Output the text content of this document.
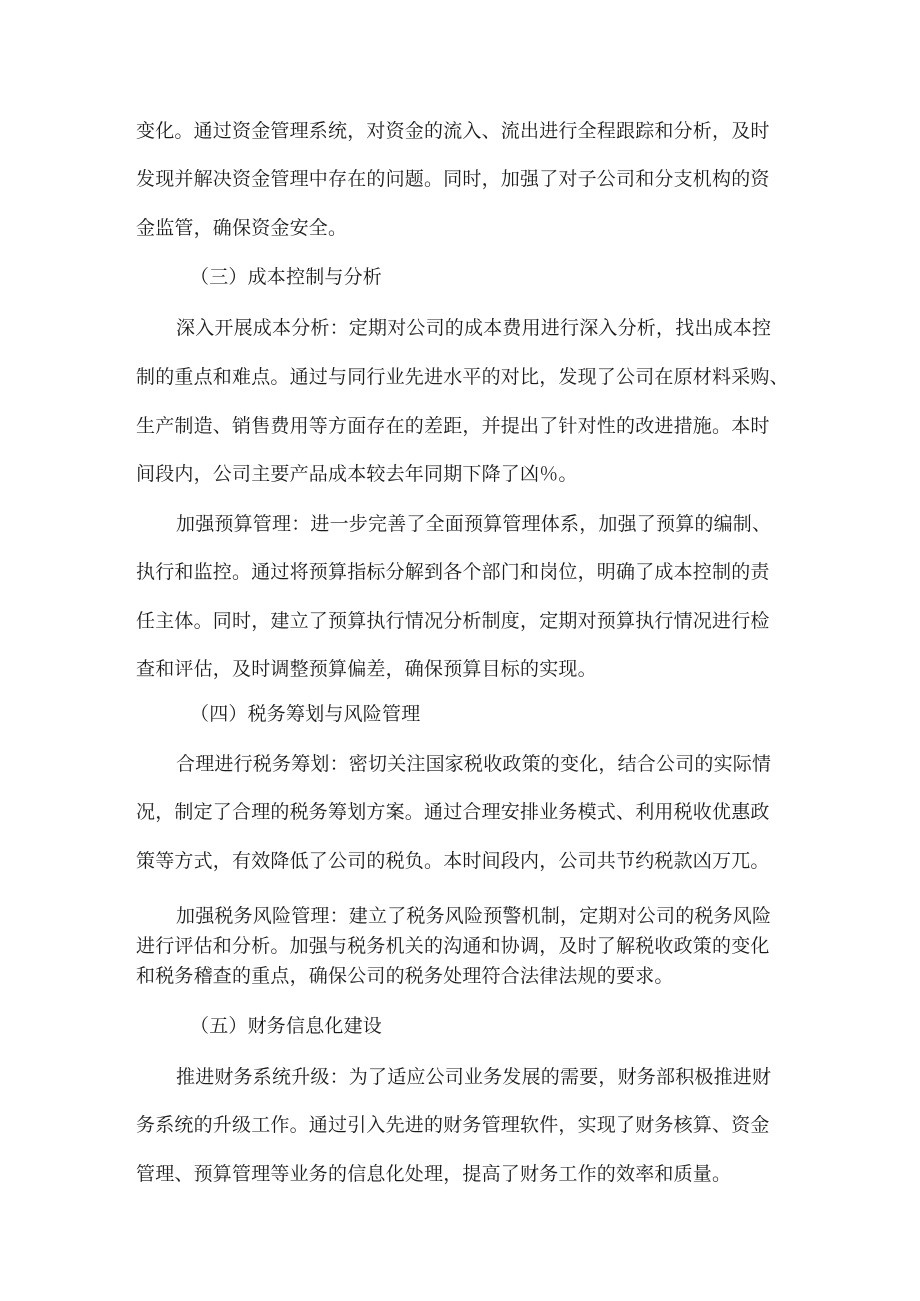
变化。通过资金管理系统，对资金的流入、流出进行全程跟踪和分析，及时
发现并解决资金管理中存在的问题。同时，加强了对子公司和分支机构的资
金监管，确保资金安全。
（三）成本控制与分析
深入开展成本分析：定期对公司的成本费用进行深入分析，找出成本控
制的重点和难点。通过与同行业先进水平的对比，发现了公司在原材料采购、
生产制造、销售费用等方面存在的差距，并提出了针对性的改进措施。本时
间段内，公司主要产品成本较去年同期下降了凶％。
加强预算管理：进一步完善了全面预算管理体系，加强了预算的编制、
执行和监控。通过将预算指标分解到各个部门和岗位，明确了成本控制的责
任主体。同时，建立了预算执行情况分析制度，定期对预算执行情况进行检
查和评估，及时调整预算偏差，确保预算目标的实现。
（四）税务筹划与风险管理
合理进行税务筹划：密切关注国家税收政策的变化，结合公司的实际情
况，制定了合理的税务筹划方案。通过合理安排业务模式、利用税收优惠政
策等方式，有效降低了公司的税负。本时间段内，公司共节约税款凶万兀。
加强税务风险管理：建立了税务风险预警机制，定期对公司的税务风险
进行评估和分析。加强与税务机关的沟通和协调，及时了解税收政策的变化
和税务稽查的重点，确保公司的税务处理符合法律法规的要求。
（五）财务信息化建设
推进财务系统升级：为了适应公司业务发展的需要，财务部积极推进财
务系统的升级工作。通过引入先进的财务管理软件，实现了财务核算、资金
管理、预算管理等业务的信息化处理，提高了财务工作的效率和质量。
